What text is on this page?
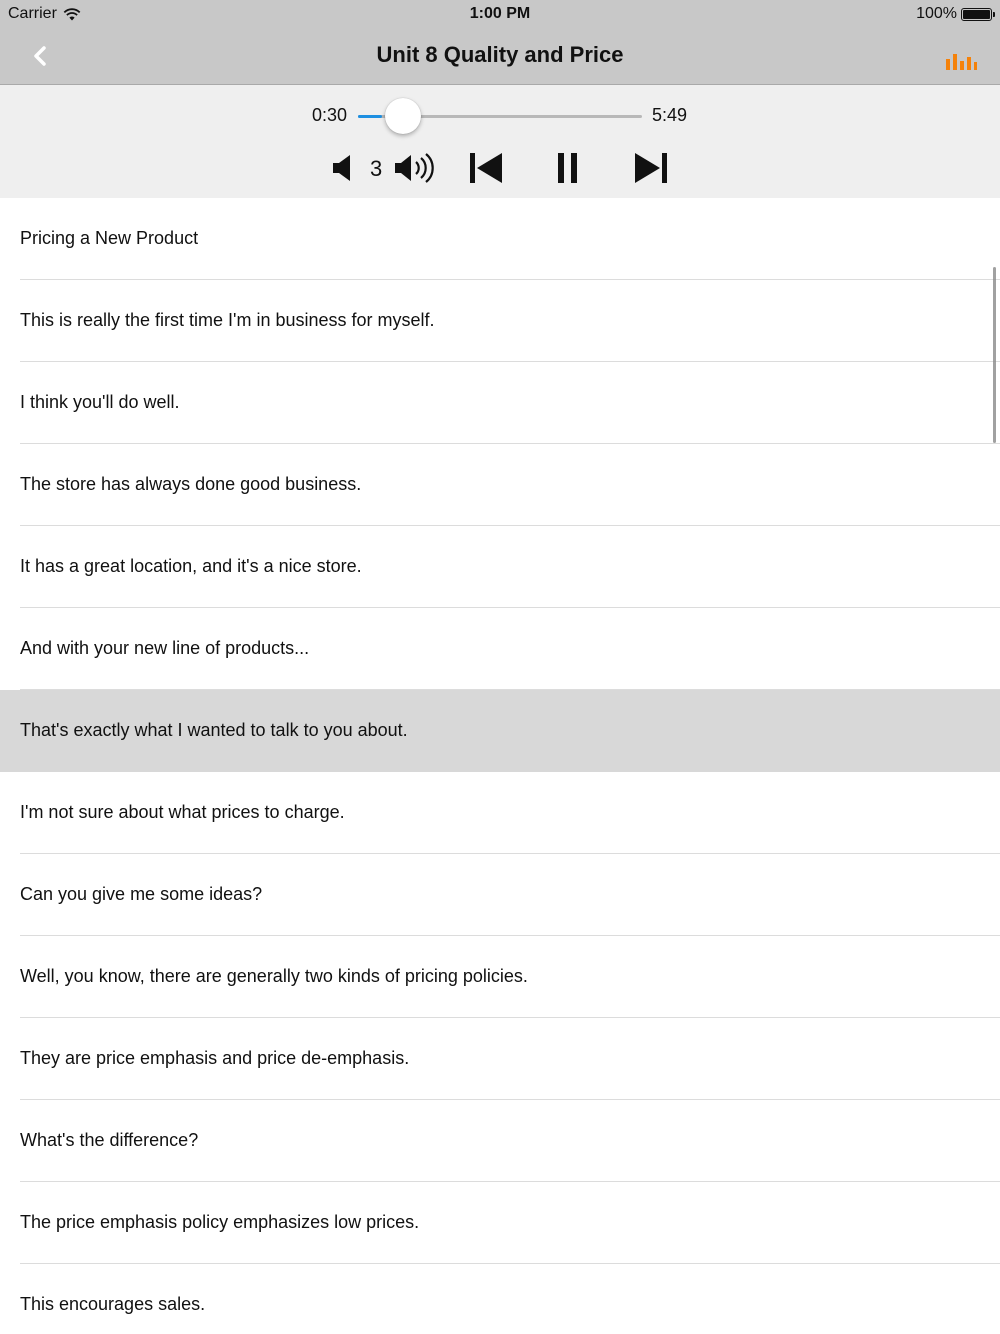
Carrier	1:00 PM	100%
Unit 8 Quality and Price
0:30	5:49
3
Pricing a New Product
This is really the first time I'm in business for myself.
I think you'll do well.
The store has always done good business.
It has a great location, and it's a nice store.
And with your new line of products...
That's exactly what I wanted to talk to you about.
I'm not sure about what prices to charge.
Can you give me some ideas?
Well, you know, there are generally two kinds of pricing policies.
They are price emphasis and price de-emphasis.
What's the difference?
The price emphasis policy emphasizes low prices.
This encourages sales.
